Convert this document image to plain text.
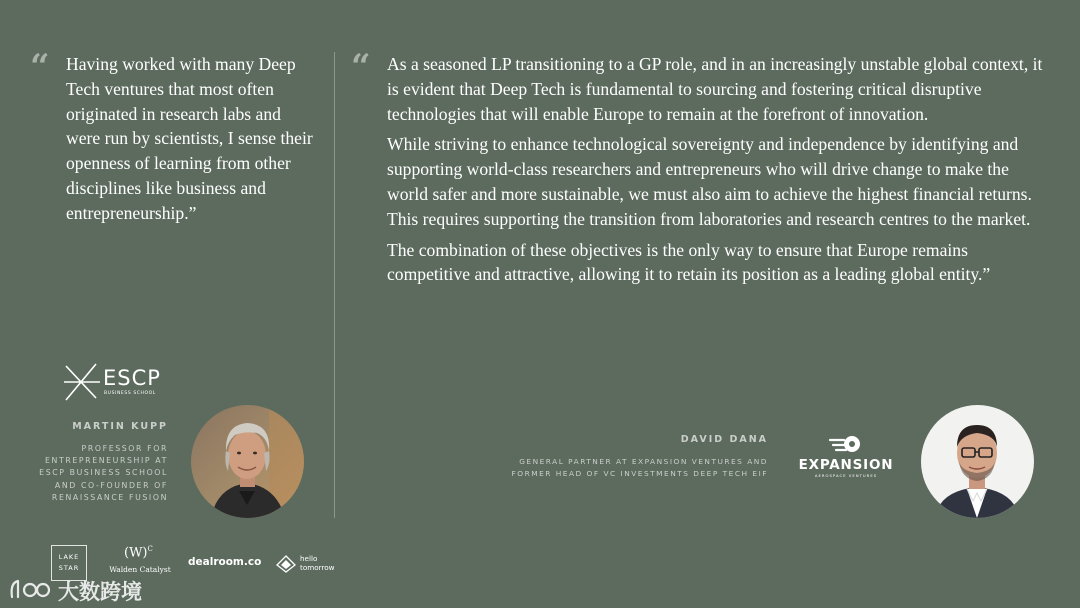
“ Having worked with many Deep Tech ventures that most often originated in research labs and were run by scientists, I sense their openness of learning from other disciplines like business and entrepreneurship.”

ESCP
BUSINESS SCHOOL
MARTIN KUPP
PROFESSOR FOR
ENTREPRENEURSHIP AT
ESCP BUSINESS SCHOOL
AND CO-FOUNDER OF
RENAISSANCE FUSION
“ As a seasoned LP transitioning to a GP role, and in an increasingly unstable global context, it is evident that Deep Tech is fundamental to sourcing and fostering critical disruptive technologies that will enable Europe to remain at the forefront of innovation.

While striving to enhance technological sovereignty and independence by identifying and supporting world-class researchers and entrepreneurs who will drive change to make the world safer and more sustainable, we must also aim to achieve the highest financial returns. This requires supporting the transition from laboratories and research centres to the market.

The combination of these objectives is the only way to ensure that Europe remains competitive and attractive, allowing it to retain its position as a leading global entity.”

DAVID DANA
GENERAL PARTNER AT EXPANSION VENTURES AND
FORMER HEAD OF VC INVESTMENTS DEEP TECH EIF
EXPANSION
AEROSPACE VENTURES
LAKE
STAR
$(W)^C$
Walden Catalyst
dealroom.co	hello
tomorrow
大数跨境
